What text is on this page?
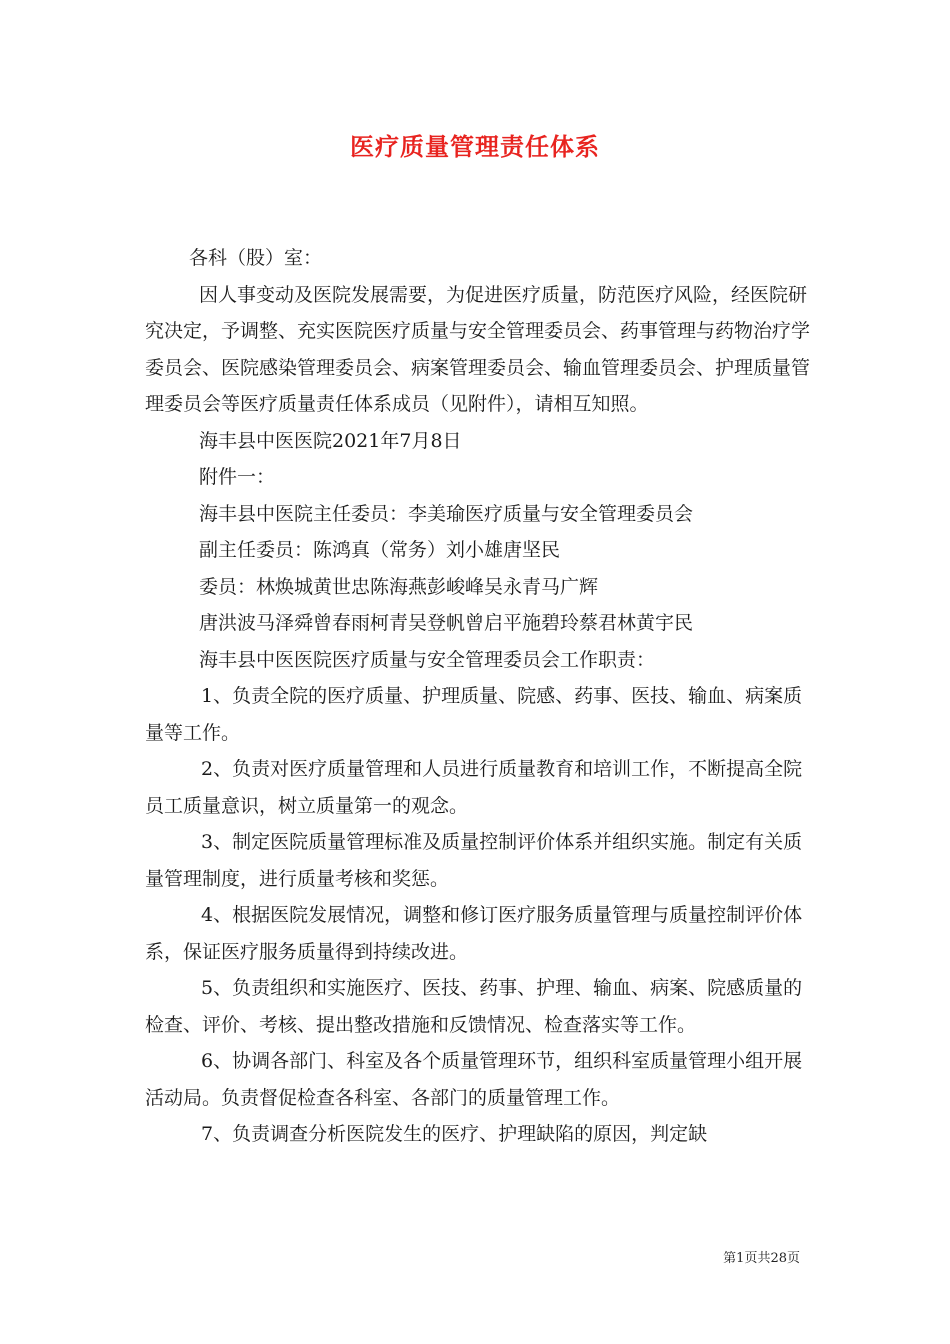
医疗质量管理责任体系

各科（股）室：

因人事变动及医院发展需要，为促进医疗质量，防范医疗风险，经医院研究决定，予调整、充实医院医疗质量与安全管理委员会、药事管理与药物治疗学委员会、医院感染管理委员会、病案管理委员会、输血管理委员会、护理质量管理委员会等医疗质量责任体系成员（见附件），请相互知照。

海丰县中医医院2021年7月8日

附件一：

海丰县中医院主任委员：李美瑜医疗质量与安全管理委员会

副主任委员：陈鸿真（常务）刘小雄唐坚民

委员：林焕城黄世忠陈海燕彭峻峰吴永青马广辉

唐洪波马泽舜曾春雨柯青吴登帆曾启平施碧玲蔡君林黄宇民

海丰县中医医院医疗质量与安全管理委员会工作职责：

1、负责全院的医疗质量、护理质量、院感、药事、医技、输血、病案质量等工作。

2、负责对医疗质量管理和人员进行质量教育和培训工作，不断提高全院员工质量意识，树立质量第一的观念。

3、制定医院质量管理标准及质量控制评价体系并组织实施。制定有关质量管理制度，进行质量考核和奖惩。

4、根据医院发展情况，调整和修订医疗服务质量管理与质量控制评价体系，保证医疗服务质量得到持续改进。

5、负责组织和实施医疗、医技、药事、护理、输血、病案、院感质量的检查、评价、考核、提出整改措施和反馈情况、检查落实等工作。

6、协调各部门、科室及各个质量管理环节，组织科室质量管理小组开展活动局。负责督促检查各科室、各部门的质量管理工作。

7、负责调查分析医院发生的医疗、护理缺陷的原因，判定缺

第1页共28页
